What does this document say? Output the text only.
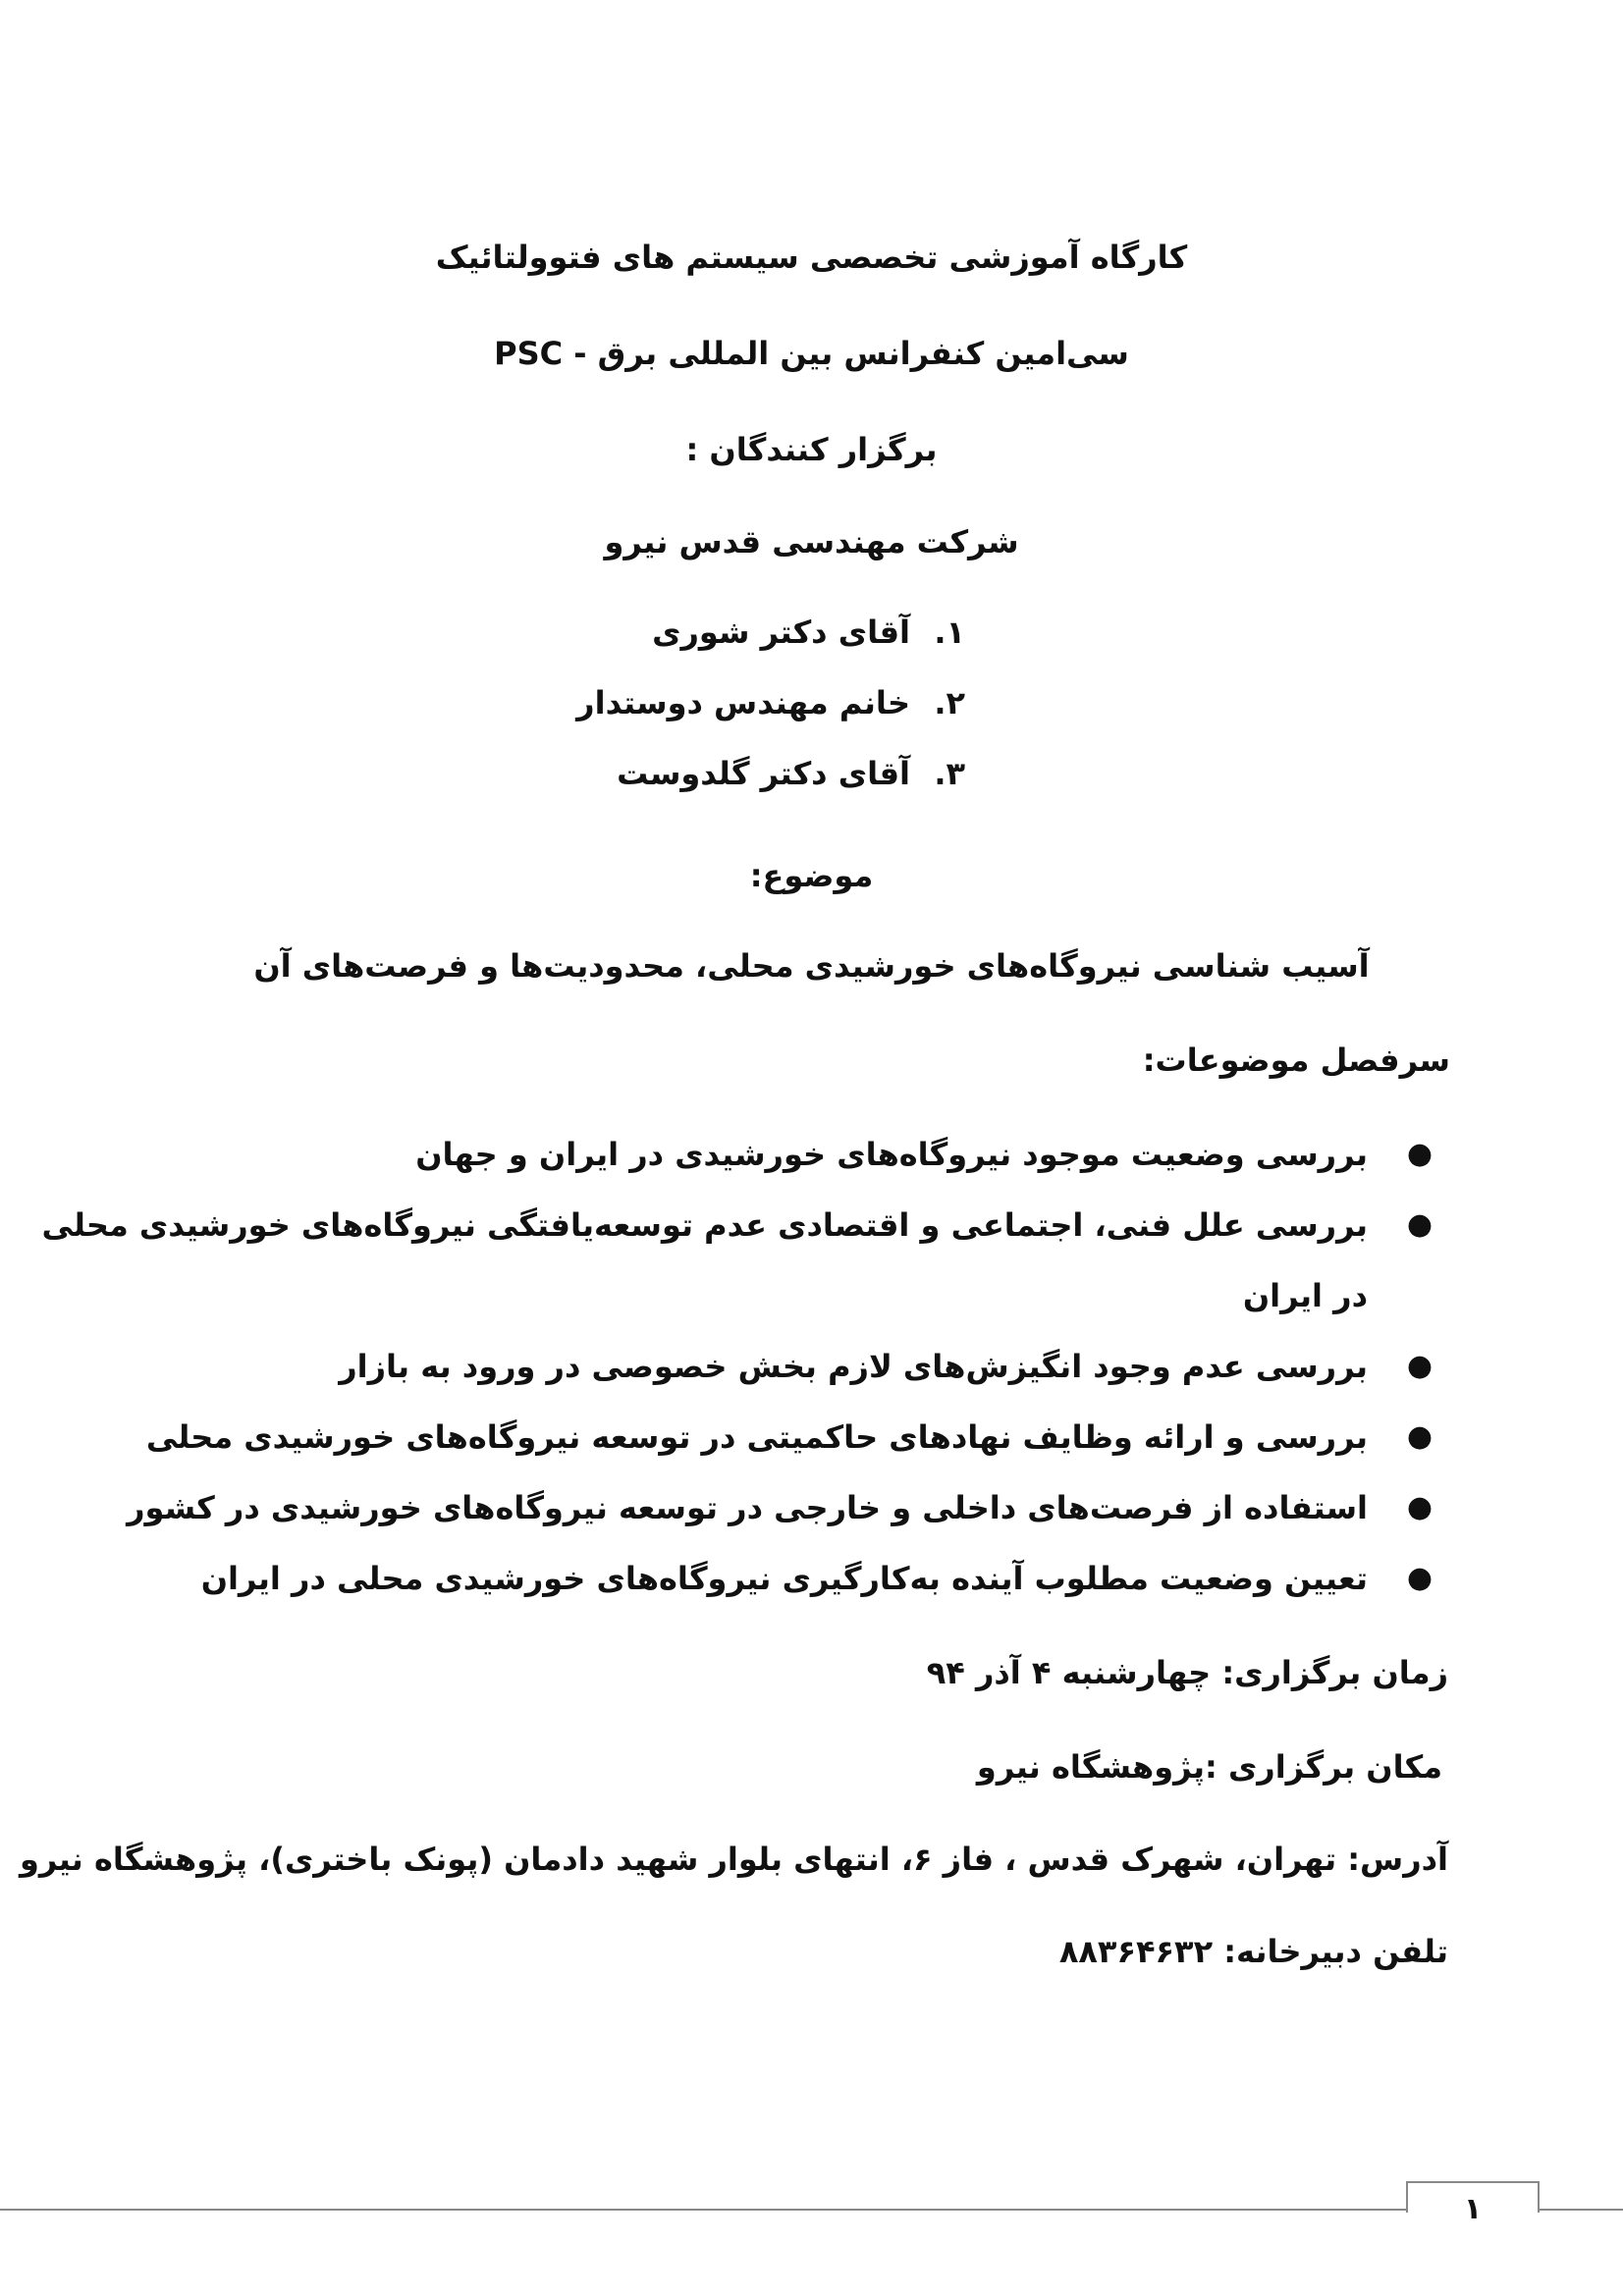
کارگاه آموزشی تخصصی سیستم های فتوولتائیک
سی‌امین کنفرانس بین المللی برق - PSC
برگزار کنندگان :
شرکت مهندسی قدس نیرو
۱.آقای دکتر شوری
۲.خانم مهندس دوستدار
۳.آقای دکتر گلدوست
موضوع:
آسیب شناسی نیروگاه‌های خورشیدی محلی، محدودیت‌ها و فرصت‌های آن
سرفصل موضوعات:
●
بررسی وضعیت موجود نیروگاه‌های خورشیدی در ایران و جهان
●
بررسی علل فنی، اجتماعی و اقتصادی عدم توسعه‌یافتگی نیروگاه‌های خورشیدی محلی
در ایران
●
بررسی عدم وجود انگیزش‌های لازم بخش خصوصی در ورود به بازار
●
بررسی و ارائه وظایف نهادهای حاکمیتی در توسعه نیروگاه‌های خورشیدی محلی
●
استفاده از فرصت‌های داخلی و خارجی در توسعه نیروگاه‌های خورشیدی در کشور
●
تعیین وضعیت مطلوب آینده به‌کارگیری نیروگاه‌های خورشیدی محلی در ایران
زمان برگزاری: چهارشنبه ۴ آذر ۹۴
مکان برگزاری :پژوهشگاه نیرو
آدرس: تهران، شهرک قدس ، فاز ۶، انتهای بلوار شهید دادمان (پونک باختری)، پژوهشگاه نیرو
تلفن دبیرخانه: ۸۸۳۶۴۶۳۲
۱
